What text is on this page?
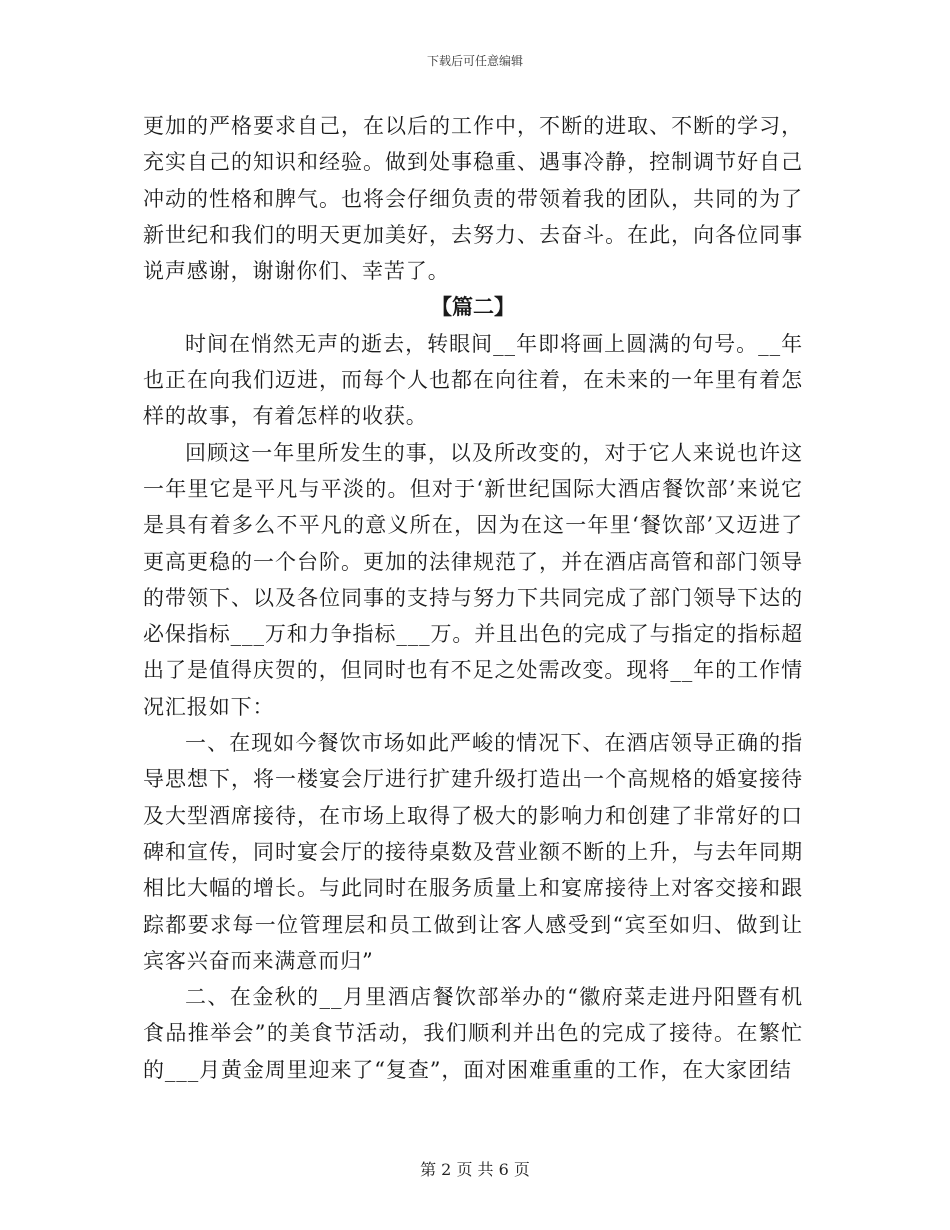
下载后可任意编辑

更加的严格要求自己，在以后的工作中，不断的进取、不断的学习，充实自己的知识和经验。做到处事稳重、遇事冷静，控制调节好自己冲动的性格和脾气。也将会仔细负责的带领着我的团队，共同的为了新世纪和我们的明天更加美好，去努力、去奋斗。在此，向各位同事说声感谢，谢谢你们、幸苦了。

【篇二】

时间在悄然无声的逝去，转眼间__年即将画上圆满的句号。__年也正在向我们迈进，而每个人也都在向往着，在未来的一年里有着怎样的故事，有着怎样的收获。

回顾这一年里所发生的事，以及所改变的，对于它人来说也许这一年里它是平凡与平淡的。但对于‘新世纪国际大酒店餐饮部’来说它是具有着多么不平凡的意义所在，因为在这一年里‘餐饮部’又迈进了更高更稳的一个台阶。更加的法律规范了，并在酒店高管和部门领导的带领下、以及各位同事的支持与努力下共同完成了部门领导下达的必保指标___万和力争指标___万。并且出色的完成了与指定的指标超出了是值得庆贺的，但同时也有不足之处需改变。现将__年的工作情况汇报如下：

一、在现如今餐饮市场如此严峻的情况下、在酒店领导正确的指导思想下，将一楼宴会厅进行扩建升级打造出一个高规格的婚宴接待及大型酒席接待，在市场上取得了极大的影响力和创建了非常好的口碑和宣传，同时宴会厅的接待桌数及营业额不断的上升，与去年同期相比大幅的增长。与此同时在服务质量上和宴席接待上对客交接和跟踪都要求每一位管理层和员工做到让客人感受到“宾至如归、做到让宾客兴奋而来满意而归”

二、在金秋的__月里酒店餐饮部举办的“徽府菜走进丹阳暨有机食品推举会”的美食节活动，我们顺利并出色的完成了接待。在繁忙的___月黄金周里迎来了“复查”，面对困难重重的工作，在大家团结

第 2 页 共 6 页
